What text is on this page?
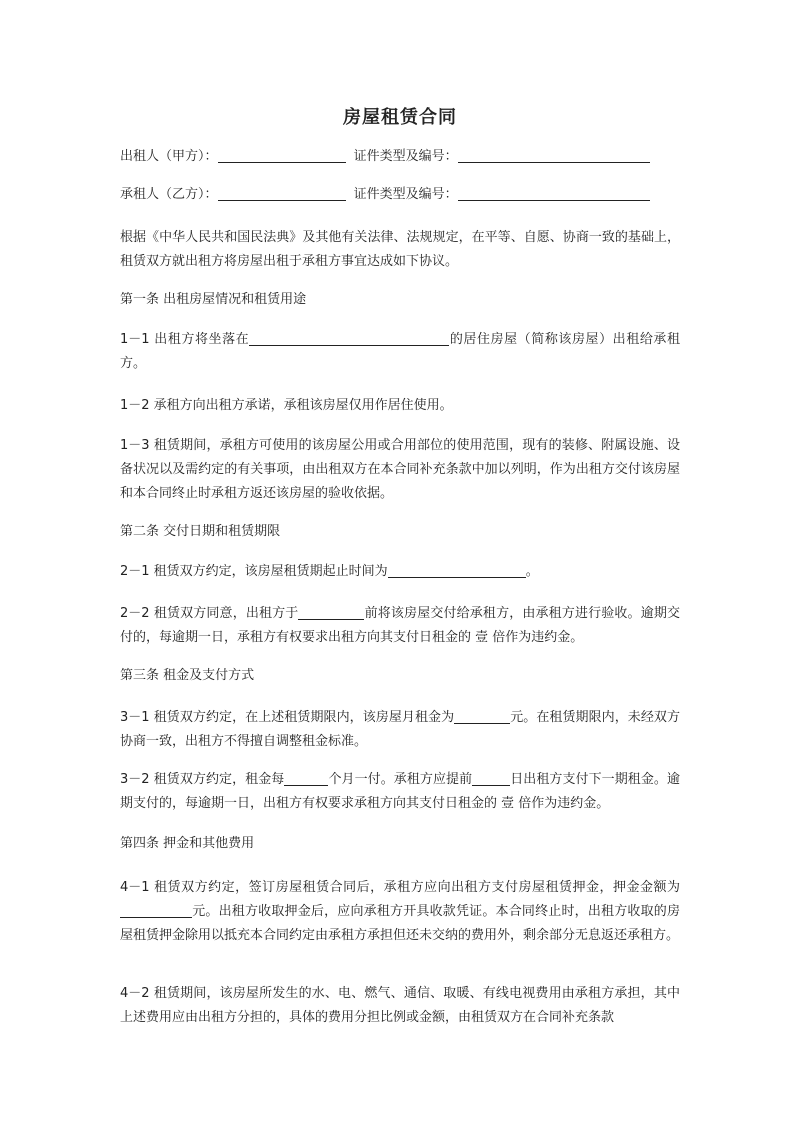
房屋租赁合同
出租人（甲方）：	证件类型及编号：
承租人（乙方）：	证件类型及编号：
根据《中华人民共和国民法典》及其他有关法律、法规规定，在平等、自愿、协商一致的基础上，租赁双方就出租方将房屋出租于承租方事宜达成如下协议。
第一条 出租房屋情况和租赁用途
1－1 出租方将坐落在	的居住房屋（简称该房屋）出租给承租方。
1－2 承租方向出租方承诺，承租该房屋仅用作居住使用。
1－3 租赁期间，承租方可使用的该房屋公用或合用部位的使用范围，现有的装修、附属设施、设备状况以及需约定的有关事项，由出租双方在本合同补充条款中加以列明，作为出租方交付该房屋和本合同终止时承租方返还该房屋的验收依据。
第二条 交付日期和租赁期限
2－1 租赁双方约定，该房屋租赁期起止时间为	。
2－2 租赁双方同意，出租方于	前将该房屋交付给承租方，由承租方进行验收。逾期交付的，每逾期一日，承租方有权要求出租方向其支付日租金的 壹 倍作为违约金。
第三条 租金及支付方式
3－1 租赁双方约定，在上述租赁期限内，该房屋月租金为	元。在租赁期限内，未经双方协商一致，出租方不得擅自调整租金标准。
3－2 租赁双方约定，租金每	个月一付。承租方应提前	日出租方支付下一期租金。逾期支付的，每逾期一日，出租方有权要求承租方向其支付日租金的 壹 倍作为违约金。
第四条 押金和其他费用
4－1 租赁双方约定，签订房屋租赁合同后，承租方应向出租方支付房屋租赁押金，押金金额为元。出租方收取押金后，应向承租方开具收款凭证。本合同终止时，出租方收取的房屋租赁押金除用以抵充本合同约定由承租方承担但还未交纳的费用外，剩余部分无息返还承租方。
4－2 租赁期间，该房屋所发生的水、电、燃气、通信、取暖、有线电视费用由承租方承担，其中上述费用应由出租方分担的，具体的费用分担比例或金额，由租赁双方在合同补充条款
